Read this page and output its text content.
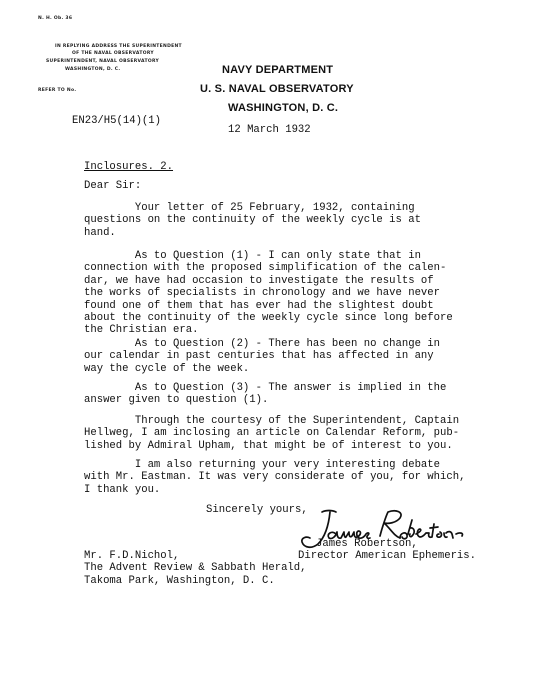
N. H. Ob. 36
IN REPLYING ADDRESS THE SUPERINTENDENT
OF THE NAVAL OBSERVATORY
SUPERINTENDENT, NAVAL OBSERVATORY
WASHINGTON, D. C.
REFER TO No.
NAVY DEPARTMENT
U. S. NAVAL OBSERVATORY
WASHINGTON, D. C.
EN23/H5(14)(1)
12 March 1932
Inclosures. 2.
Dear Sir:
Your letter of 25 February, 1932, containing
questions on the continuity of the weekly cycle is at
hand.
As to Question (1) - I can only state that in
connection with the proposed simplification of the calen-
dar, we have had occasion to investigate the results of
the works of specialists in chronology and we have never
found one of them that has ever had the slightest doubt
about the continuity of the weekly cycle since long before
the Christian era.
As to Question (2) - There has been no change in
our calendar in past centuries that has affected in any
way the cycle of the week.
As to Question (3) - The answer is implied in the
answer given to question (1).
Through the courtesy of the Superintendent, Captain
Hellweg, I am inclosing an article on Calendar Reform, pub-
lished by Admiral Upham, that might be of interest to you.
I am also returning your very interesting debate
with Mr. Eastman. It was very considerate of you, for which,
I thank you.
Sincerely yours,
James Robertson,
Director American Ephemeris.
Mr. F.D.Nichol,
The Advent Review & Sabbath Herald,
Takoma Park, Washington, D. C.
